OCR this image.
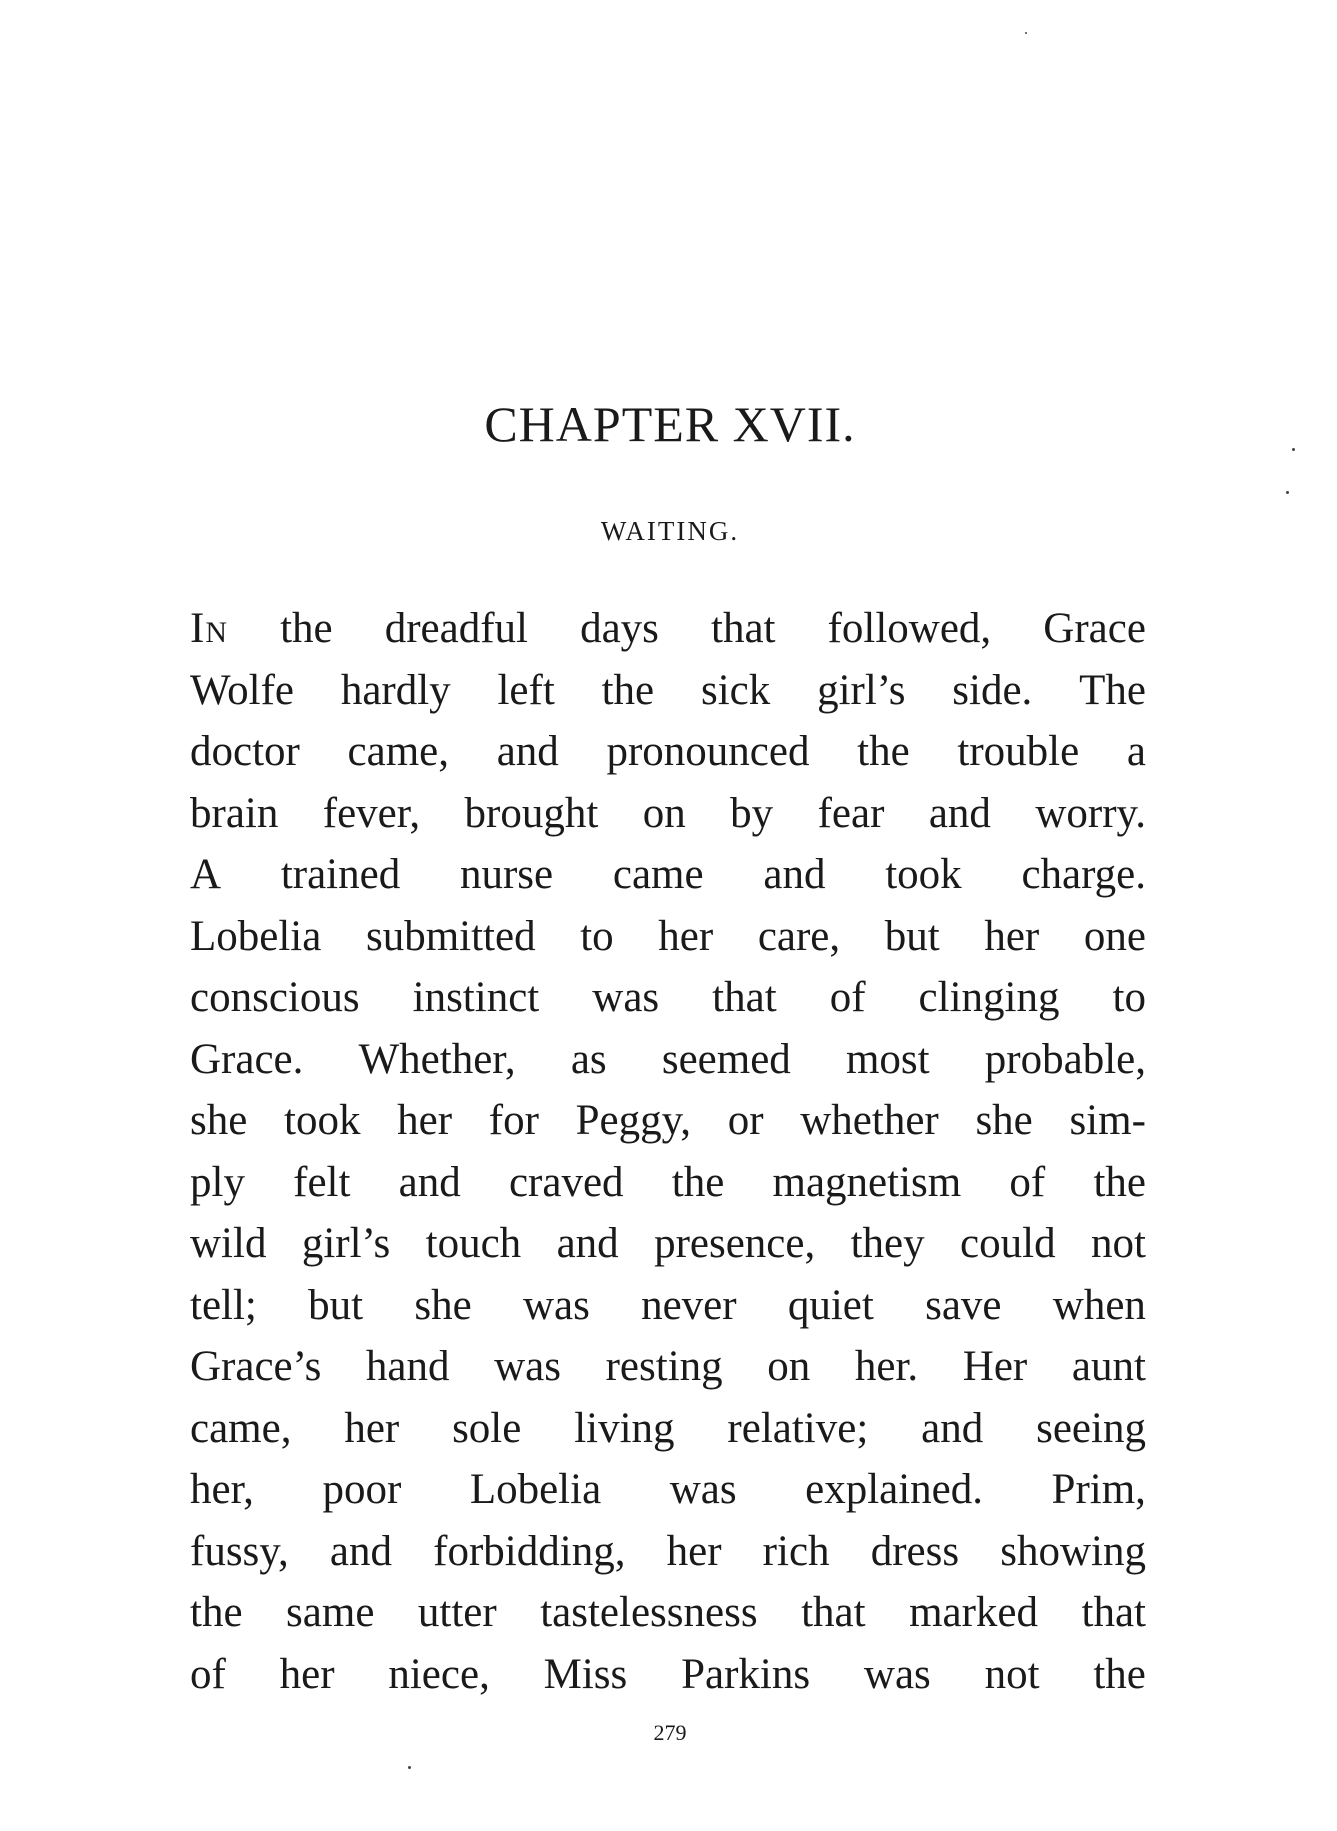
CHAPTER XVII.
WAITING.
In the dreadful days that followed, Grace
Wolfe hardly left the sick girl’s side. The
doctor came, and pronounced the trouble a
brain fever, brought on by fear and worry.
A trained nurse came and took charge.
Lobelia submitted to her care, but her one
conscious instinct was that of clinging to
Grace. Whether, as seemed most probable,
she took her for Peggy, or whether she sim-
ply felt and craved the magnetism of the
wild girl’s touch and presence, they could not
tell; but she was never quiet save when
Grace’s hand was resting on her. Her aunt
came, her sole living relative; and seeing
her, poor Lobelia was explained. Prim,
fussy, and forbidding, her rich dress showing
the same utter tastelessness that marked that
of her niece, Miss Parkins was not the

279
